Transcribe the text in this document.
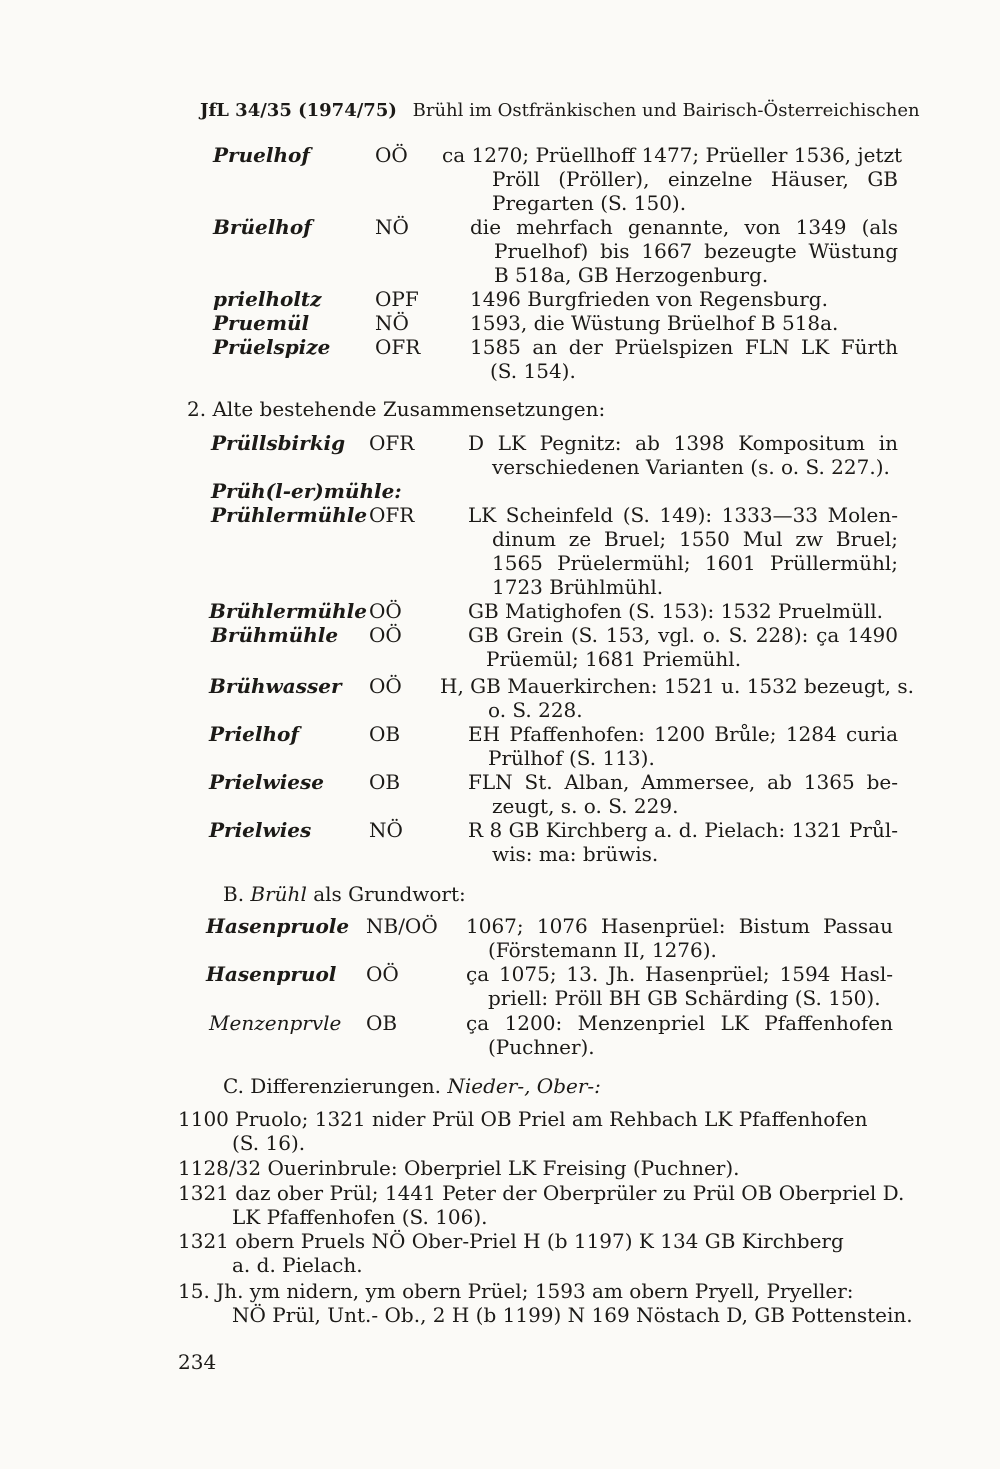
JfL 34/35 (1974/75) Brühl im Ostfränkischen und Bairisch-Österreichischen
Pruelhof	OÖ ca 1270; Prüellhoff 1477; Prüeller 1536, jetzt
Pröll (Pröller), einzelne Häuser, GB
Pregarten (S. 150).
Brüelhof	NÖ	die mehrfach genannte, von 1349 (als
Pruelhof) bis 1667 bezeugte Wüstung
B 518a, GB Herzogenburg.
prielholtz	OPF	1496 Burgfrieden von Regensburg.
Pruemül	NÖ	1593, die Wüstung Brüelhof B 518a.
Prüelspize OFR 1585 an der Prüelspizen FLN LK Fürth
(S. 154).
2. Alte bestehende Zusammensetzungen:
Prüllsbirkig OFR	D LK Pegnitz: ab 1398 Kompositum in
verschiedenen Varianten (s. o. S. 227.).
Prüh(l-er)mühle:
Prühlermühle OFR	LK Scheinfeld (S. 149): 1333—33 Molen-
dinum ze Bruel; 1550 Mul zw Bruel;
1565 Prüelermühl; 1601 Prüllermühl;
1723 Brühlmühl.
Brühlermühle OÖ	GB Matighofen (S. 153): 1532 Pruelmüll.
Brühmühle OÖ	GB Grein (S. 153, vgl. o. S. 228): ça 1490
Prüemül; 1681 Priemühl.
Brühwasser OÖ H, GB Mauerkirchen: 1521 u. 1532 bezeugt, s.
o. S. 228.
Prielhof	OB	EH Pfaffenhofen: 1200 Brůle; 1284 curia
Prülhof (S. 113).
Prielwiese OB	FLN St. Alban, Ammersee, ab 1365 be-
zeugt, s. o. S. 229.
Prielwies	NÖ	R 8 GB Kirchberg a. d. Pielach: 1321 Průl-
wis: ma: brüwis.
B. Brühl als Grundwort:
Hasenpruole NB/OÖ 1067; 1076 Hasenprüel: Bistum Passau
(Förstemann II, 1276).
Hasenpruol OÖ	ça 1075; 13. Jh. Hasenprüel; 1594 Hasl-
priell: Pröll BH GB Schärding (S. 150).
Menzenprvle OB	ça 1200: Menzenpriel LK Pfaffenhofen
(Puchner).
C. Differenzierungen. Nieder-, Ober-:
1100 Pruolo; 1321 nider Prül OB Priel am Rehbach LK Pfaffenhofen
(S. 16).
1128/32 Ouerinbrule: Oberpriel LK Freising (Puchner).
1321 daz ober Prül; 1441 Peter der Oberprüler zu Prül OB Oberpriel D.
LK Pfaffenhofen (S. 106).
1321 obern Pruels NÖ Ober-Priel H (b 1197) K 134 GB Kirchberg
a. d. Pielach.
15. Jh. ym nidern, ym obern Prüel; 1593 am obern Pryell, Pryeller:
NÖ Prül, Unt.- Ob., 2 H (b 1199) N 169 Nöstach D, GB Pottenstein.
234
